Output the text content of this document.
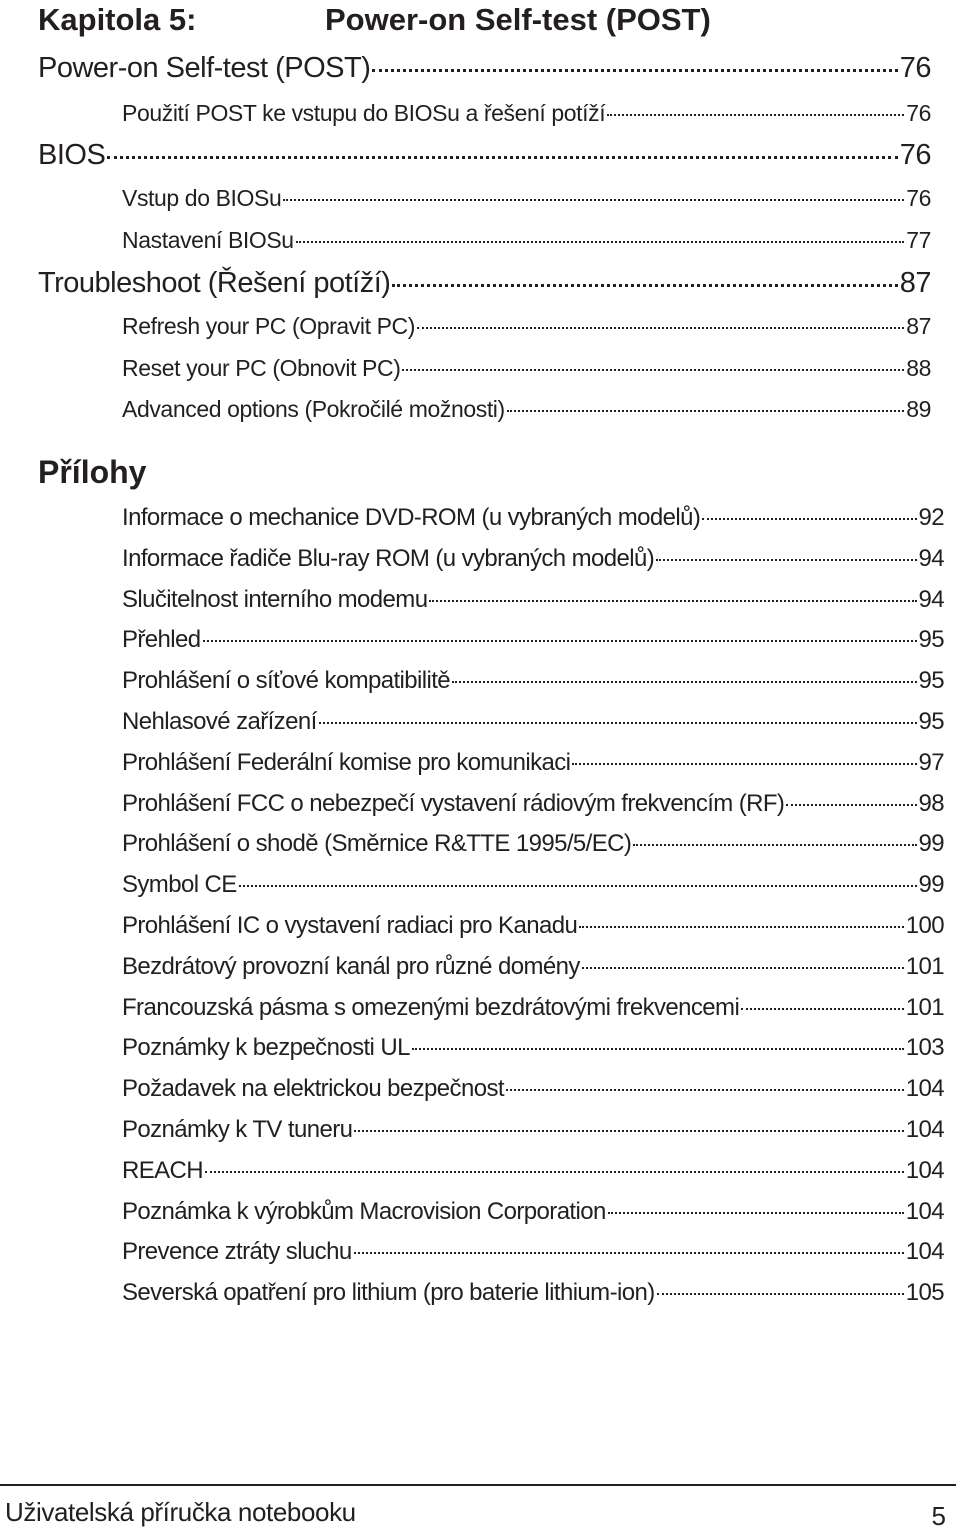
Kapitola 5:	Power-on Self-test (POST)
Power-on Self-test (POST)	76
Použití POST ke vstupu do BIOSu a řešení potíží	76
BIOS	76
Vstup do BIOSu	76
Nastavení BIOSu	77
Troubleshoot (Řešení potíží)	87
Refresh your PC (Opravit PC)	87
Reset your PC (Obnovit PC)	88
Advanced options (Pokročilé možnosti)	89
Přílohy
Informace o mechanice DVD-ROM (u vybraných modelů)	92
Informace řadiče Blu-ray ROM (u vybraných modelů)	94
Slučitelnost interního modemu	94
Přehled	95
Prohlášení o síťové kompatibilitě	95
Nehlasové zařízení	95
Prohlášení Federální komise pro komunikaci	97
Prohlášení FCC o nebezpečí vystavení rádiovým frekvencím (RF)	98
Prohlášení o shodě (Směrnice R&TTE 1995/5/EC)	99
Symbol CE	99
Prohlášení IC o vystavení radiaci pro Kanadu	100
Bezdrátový provozní kanál pro různé domény	101
Francouzská pásma s omezenými bezdrátovými frekvencemi	101
Poznámky k bezpečnosti UL	103
Požadavek na elektrickou bezpečnost	104
Poznámky k TV tuneru	104
REACH	104
Poznámka k výrobkům Macrovision Corporation	104
Prevence ztráty sluchu	104
Severská opatření pro lithium (pro baterie lithium-ion)	105
Uživatelská příručka notebooku	5
